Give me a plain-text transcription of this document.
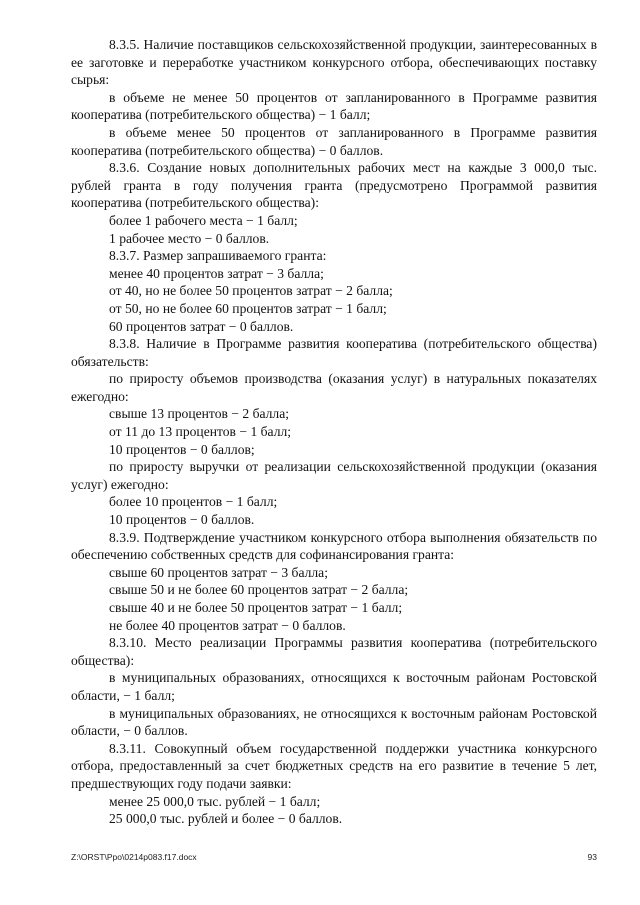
8.3.5. Наличие поставщиков сельскохозяйственной продукции, заинтересованных в ее заготовке и переработке участником конкурсного отбора, обеспечивающих поставку сырья:

в объеме не менее 50 процентов от запланированного в Программе развития кооператива (потребительского общества) − 1 балл;

в объеме менее 50 процентов от запланированного в Программе развития кооператива (потребительского общества) − 0 баллов.

8.3.6. Создание новых дополнительных рабочих мест на каждые 3 000,0 тыс. рублей гранта в году получения гранта (предусмотрено Программой развития кооператива (потребительского общества):

более 1 рабочего места − 1 балл;

1 рабочее место − 0 баллов.

8.3.7. Размер запрашиваемого гранта:

менее 40 процентов затрат − 3 балла;

от 40, но не более 50 процентов затрат − 2 балла;

от 50, но не более 60 процентов затрат − 1 балл;

60 процентов затрат − 0 баллов.

8.3.8. Наличие в Программе развития кооператива (потребительского общества) обязательств:

по приросту объемов производства (оказания услуг) в натуральных показателях ежегодно:

свыше 13 процентов − 2 балла;

от 11 до 13 процентов − 1 балл;

10 процентов − 0 баллов;

по приросту выручки от реализации сельскохозяйственной продукции (оказания услуг) ежегодно:

более 10 процентов − 1 балл;

10 процентов − 0 баллов.

8.3.9. Подтверждение участником конкурсного отбора выполнения обязательств по обеспечению собственных средств для софинансирования гранта:

свыше 60 процентов затрат − 3 балла;

свыше 50 и не более 60 процентов затрат − 2 балла;

свыше 40 и не более 50 процентов затрат − 1 балл;

не более 40 процентов затрат − 0 баллов.

8.3.10. Место реализации Программы развития кооператива (потребительского общества):

в муниципальных образованиях, относящихся к восточным районам Ростовской области, − 1 балл;

в муниципальных образованиях, не относящихся к восточным районам Ростовской области, − 0 баллов.

8.3.11. Совокупный объем государственной поддержки участника конкурсного отбора, предоставленный за счет бюджетных средств на его развитие в течение 5 лет, предшествующих году подачи заявки:

менее 25 000,0 тыс. рублей − 1 балл;

25 000,0 тыс. рублей и более − 0 баллов.

Z:\ORST\Ppo\0214p083.f17.docx	93
